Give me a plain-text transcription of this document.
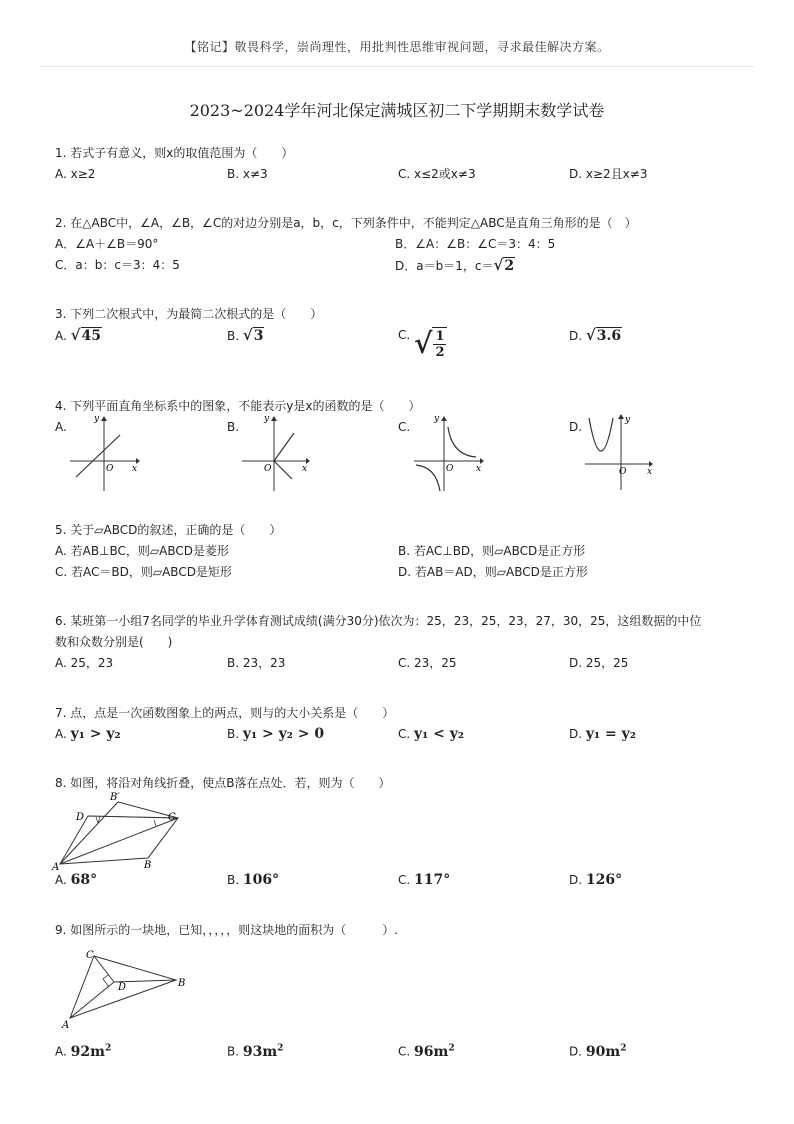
【铭记】敬畏科学，崇尚理性，用批判性思维审视问题，寻求最佳解决方案。
2023~2024学年河北保定满城区初二下学期期末数学试卷
1. 若式子有意义，则x的取值范围为（　　）
A. x≥2	B. x≠3	C. x≤2或x≠3	D. x≥2且x≠3
2. 在△ABC中，∠A，∠B，∠C的对边分别是a，b，c，下列条件中，不能判定△ABC是直角三角形的是（　）
A．∠A＋∠B＝90°	B．∠A：∠B：∠C＝3：4：5
C．a：b：c＝3：4：5	D．a＝b＝1，c＝ √ 2
3. 下列二次根式中，为最简二次根式的是（　　）
A. √ 45	B. √ 3	C. √ $\frac{1}{2}$	D. √ 3.6
4. 下列平面直角坐标系中的图象，不能表示y是x的函数的是（　　）
A.	B.	C.	D.
y
x
O
y
x
O
y
x
O
y
x
O
5. 关于▱ABCD的叙述，正确的是（　　）
A. 若AB⊥BC，则▱ABCD是菱形	B. 若AC⊥BD，则▱ABCD是正方形
C. 若AC＝BD，则▱ABCD是矩形	D. 若AB＝AD，则▱ABCD是正方形
6. 某班第一小组7名同学的毕业升学体育测试成绩(满分30分)依次为：25，23，25，23，27，30，25，这组数据的中位
数和众数分别是(　　)
A. 25，23	B. 23，23	C. 23，25	D. 25，25
7. 点，点是一次函数图象上的两点，则与的大小关系是（　　）
A. y₁ > y₂	B. y₁ > y₂ > 0	C. y₁ < y₂	D. y₁ = y₂
8. 如图，将沿对角线折叠，使点B落在点处．若，则为（　　）
A	B
C
D
B′
A. 68°	B. 106°	C. 117°	D. 126°
9. 如图所示的一块地，已知，，，，，则这块地的面积为（　　　）.
A
B
C
D
A. $92m^2$	B. $93m^2$	C. $96m^2$	D. $90m^2$
